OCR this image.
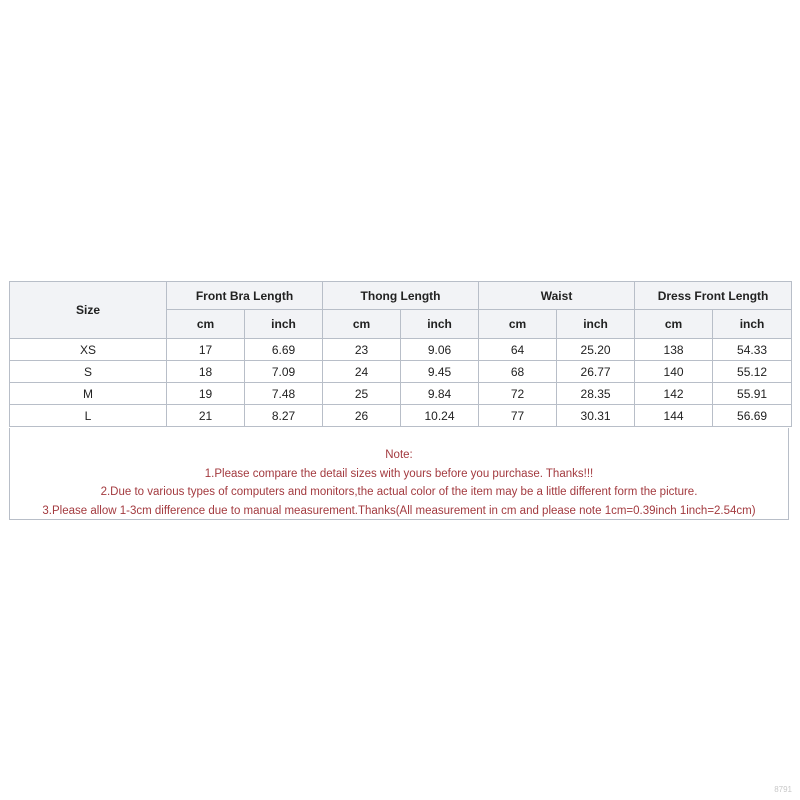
Size	Front Bra Length		Thong Length		Waist		Dress Front Length	
	cm	inch	cm	inch	cm	inch	cm	inch
XS	17	6.69	23	9.06	64	25.20	138	54.33
S	18	7.09	24	9.45	68	26.77	140	55.12
M	19	7.48	25	9.84	72	28.35	142	55.91
L	21	8.27	26	10.24	77	30.31	144	56.69

Note:

1.Please compare the detail sizes with yours before you purchase. Thanks!!!

2.Due to various types of computers and monitors,the actual color of the item may be a little different form the picture.

3.Please allow 1-3cm difference due to manual measurement.Thanks(All measurement in cm and please note 1cm=0.39inch 1inch=2.54cm)

8791
